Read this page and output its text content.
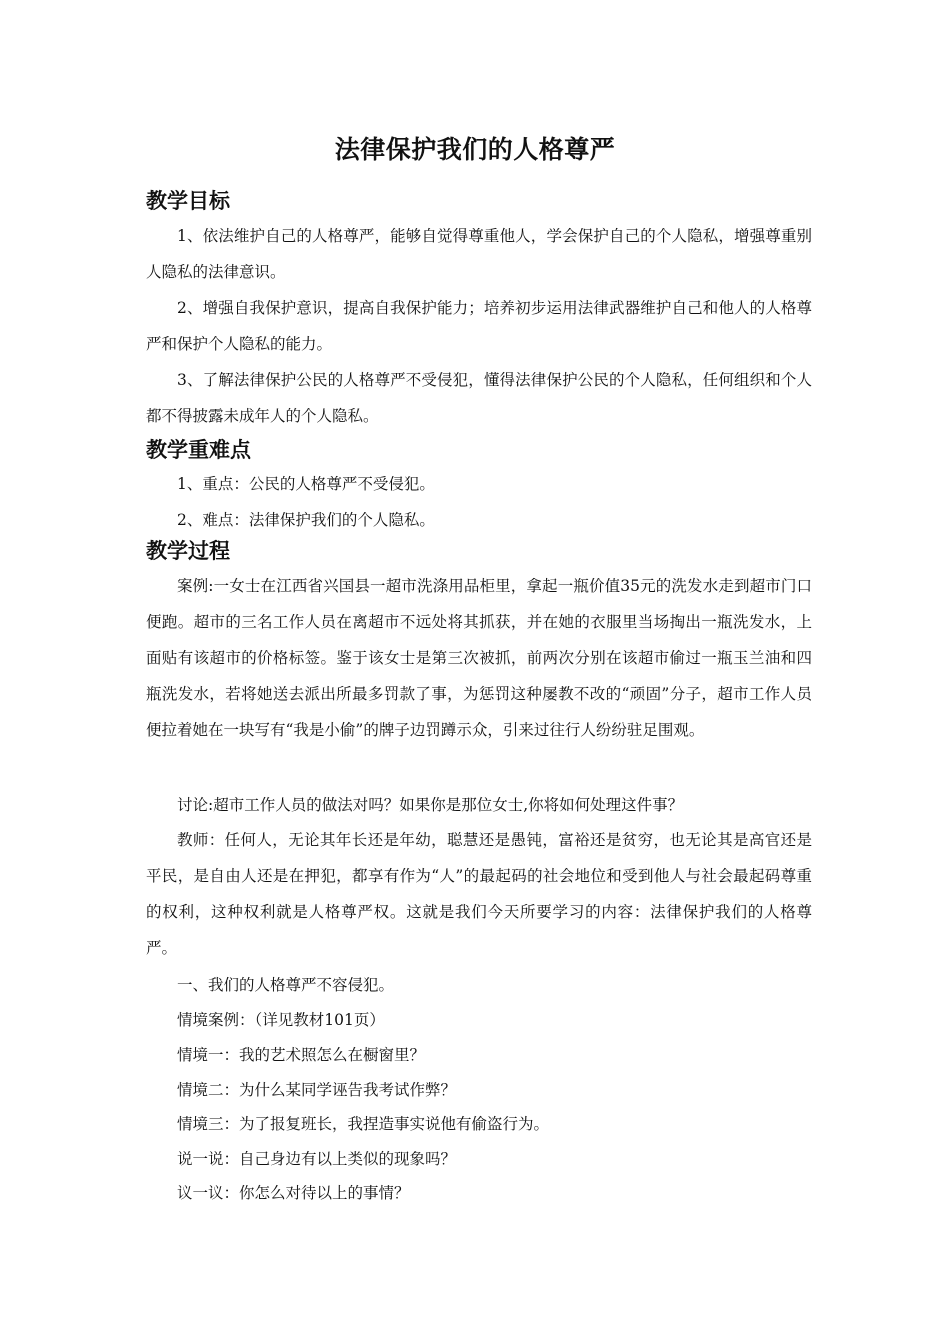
法律保护我们的人格尊严
教学目标
1、依法维护自己的人格尊严，能够自觉得尊重他人，学会保护自己的个人隐私，增强尊重别人隐私的法律意识。
2、增强自我保护意识，提高自我保护能力；培养初步运用法律武器维护自己和他人的人格尊严和保护个人隐私的能力。
3、了解法律保护公民的人格尊严不受侵犯，懂得法律保护公民的个人隐私，任何组织和个人都不得披露未成年人的个人隐私。
教学重难点
1、重点：公民的人格尊严不受侵犯。
2、难点：法律保护我们的个人隐私。
教学过程
案例:一女士在江西省兴国县一超市洗涤用品柜里，拿起一瓶价值35元的洗发水走到超市门口便跑。超市的三名工作人员在离超市不远处将其抓获，并在她的衣服里当场掏出一瓶洗发水，上面贴有该超市的价格标签。鉴于该女士是第三次被抓，前两次分别在该超市偷过一瓶玉兰油和四瓶洗发水，若将她送去派出所最多罚款了事，为惩罚这种屡教不改的“顽固”分子，超市工作人员便拉着她在一块写有“我是小偷”的牌子边罚蹲示众，引来过往行人纷纷驻足围观。
讨论:超市工作人员的做法对吗？如果你是那位女士,你将如何处理这件事？
教师：任何人，无论其年长还是年幼，聪慧还是愚钝，富裕还是贫穷，也无论其是高官还是平民，是自由人还是在押犯，都享有作为“人”的最起码的社会地位和受到他人与社会最起码尊重的权利，这种权利就是人格尊严权。这就是我们今天所要学习的内容：法律保护我们的人格尊严。
一、我们的人格尊严不容侵犯。
情境案例：（详见教材101页）
情境一：我的艺术照怎么在橱窗里？
情境二：为什么某同学诬告我考试作弊？
情境三：为了报复班长，我捏造事实说他有偷盗行为。
说一说：自己身边有以上类似的现象吗？
议一议：你怎么对待以上的事情？
